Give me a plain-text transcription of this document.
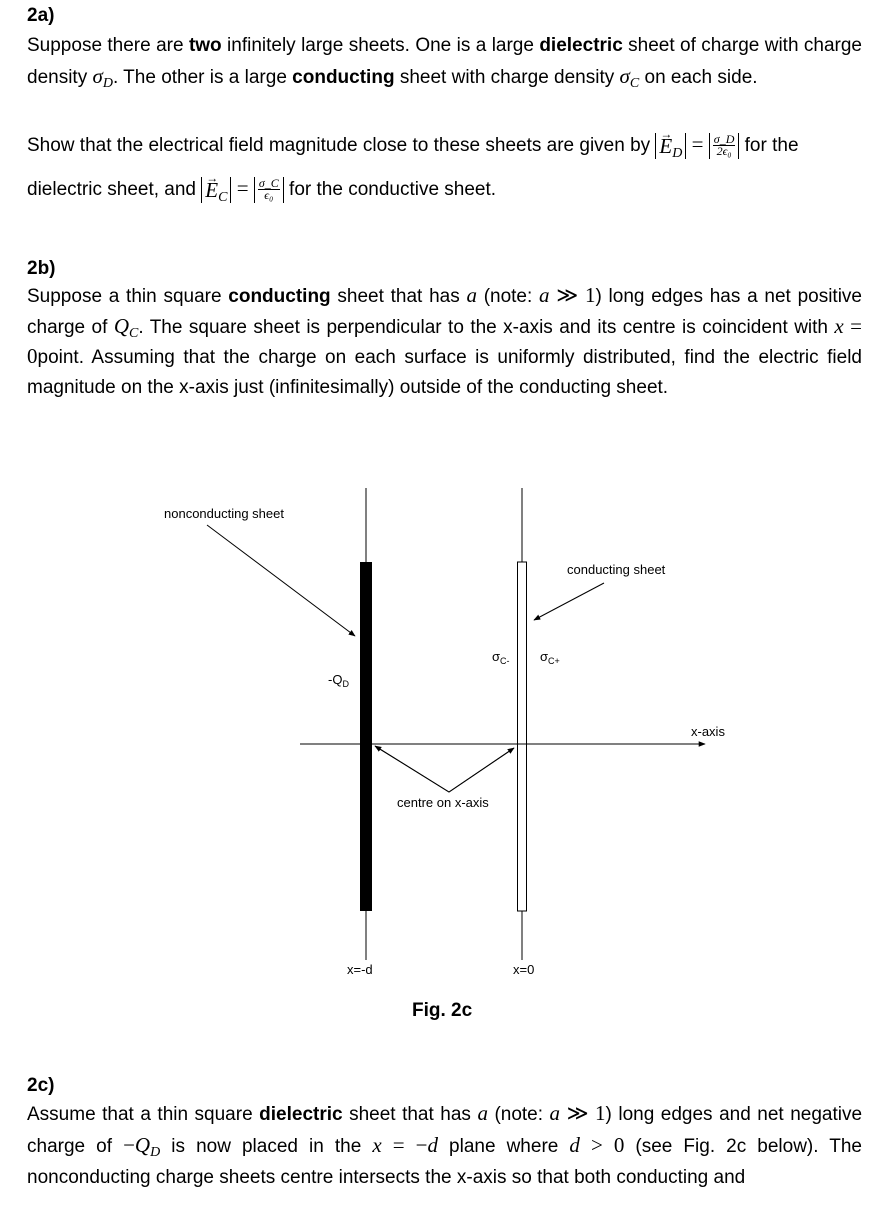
2a)
Suppose there are two infinitely large sheets. One is a large dielectric sheet of charge with charge density $\sigma_D$. The other is a large conducting sheet with charge density $\sigma_C$ on each side.
Show that the electrical field magnitude close to these sheets are given by → $E_D = \frac{\sigma\_D}{\text{2ϵ₀}}$ for the dielectric sheet, and → $E_C = \frac{\sigma\_C}{\text{ϵ₀}}$ for the conductive sheet.
2b)
Suppose a thin square conducting sheet that has a (note: a ≫ 1) long edges has a net positive charge of $Q_C$. The square sheet is perpendicular to the x-axis and its centre is coincident with x = 0point. Assuming that the charge on each surface is uniformly distributed, find the electric field magnitude on the x-axis just (infinitesimally) outside of the conducting sheet.
nonconducting sheet
conducting sheet
$-Q_D$
$\sigma_{C-}$ $\sigma_{C+}$
x-axis
centre on x-axis
x=-d	x=0
Fig. 2c
2c)
Assume that a thin square dielectric sheet that has a (note: a ≫ 1) long edges and net negative charge of $-Q_D$ is now placed in the x = −d plane where d > 0 (see Fig. 2c below). The nonconducting charge sheets centre intersects the x-axis so that both conducting and
